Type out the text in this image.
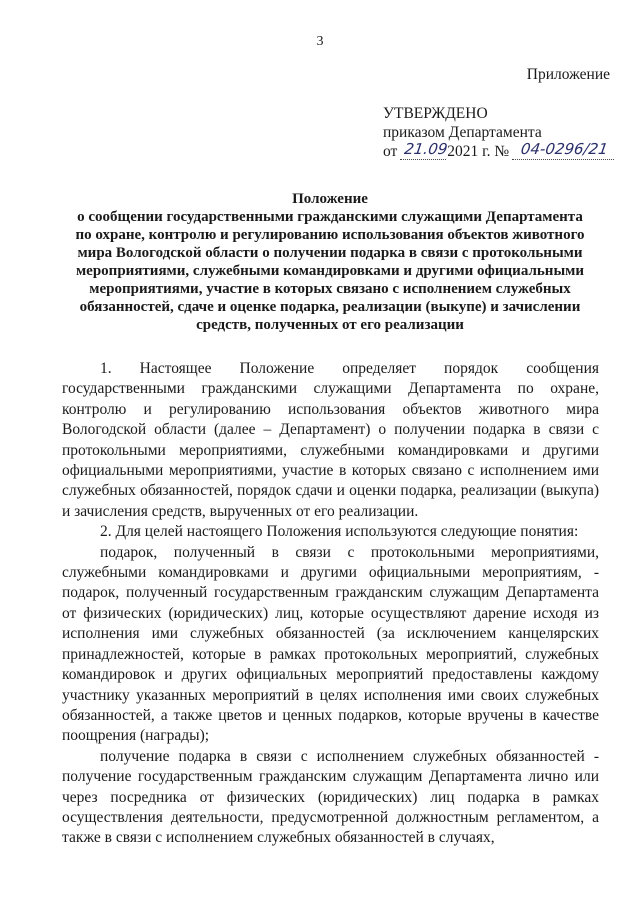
3
Приложение
УТВЕРЖДЕНО
приказом Департамента
от 21.092021 г. № 04-0296/21
Положение
о сообщении государственными гражданскими служащими Департамента
по охране, контролю и регулированию использования объектов животного
мира Вологодской области о получении подарка в связи с протокольными
мероприятиями, служебными командировками и другими официальными
мероприятиями, участие в которых связано с исполнением служебных
обязанностей, сдаче и оценке подарка, реализации (выкупе) и зачислении
средств, полученных от его реализации

1. Настоящее Положение определяет порядок сообщения государственными гражданскими служащими Департамента по охране, контролю и регулированию использования объектов животного мира Вологодской области (далее – Департамент) о получении подарка в связи с протокольными мероприятиями, служебными командировками и другими официальными мероприятиями, участие в которых связано с исполнением ими служебных обязанностей, порядок сдачи и оценки подарка, реализации (выкупа) и зачисления средств, вырученных от его реализации.

2. Для целей настоящего Положения используются следующие понятия:

подарок, полученный в связи с протокольными мероприятиями, служебными командировками и другими официальными мероприятиям, - подарок, полученный государственным гражданским служащим Департамента от физических (юридических) лиц, которые осуществляют дарение исходя из исполнения ими служебных обязанностей (за исключением канцелярских принадлежностей, которые в рамках протокольных мероприятий, служебных командировок и других официальных мероприятий предоставлены каждому участнику указанных мероприятий в целях исполнения ими своих служебных обязанностей, а также цветов и ценных подарков, которые вручены в качестве поощрения (награды);

получение подарка в связи с исполнением служебных обязанностей - получение государственным гражданским служащим Департамента лично или через посредника от физических (юридических) лиц подарка в рамках осуществления деятельности, предусмотренной должностным регламентом, а также в связи с исполнением служебных обязанностей в случаях,
